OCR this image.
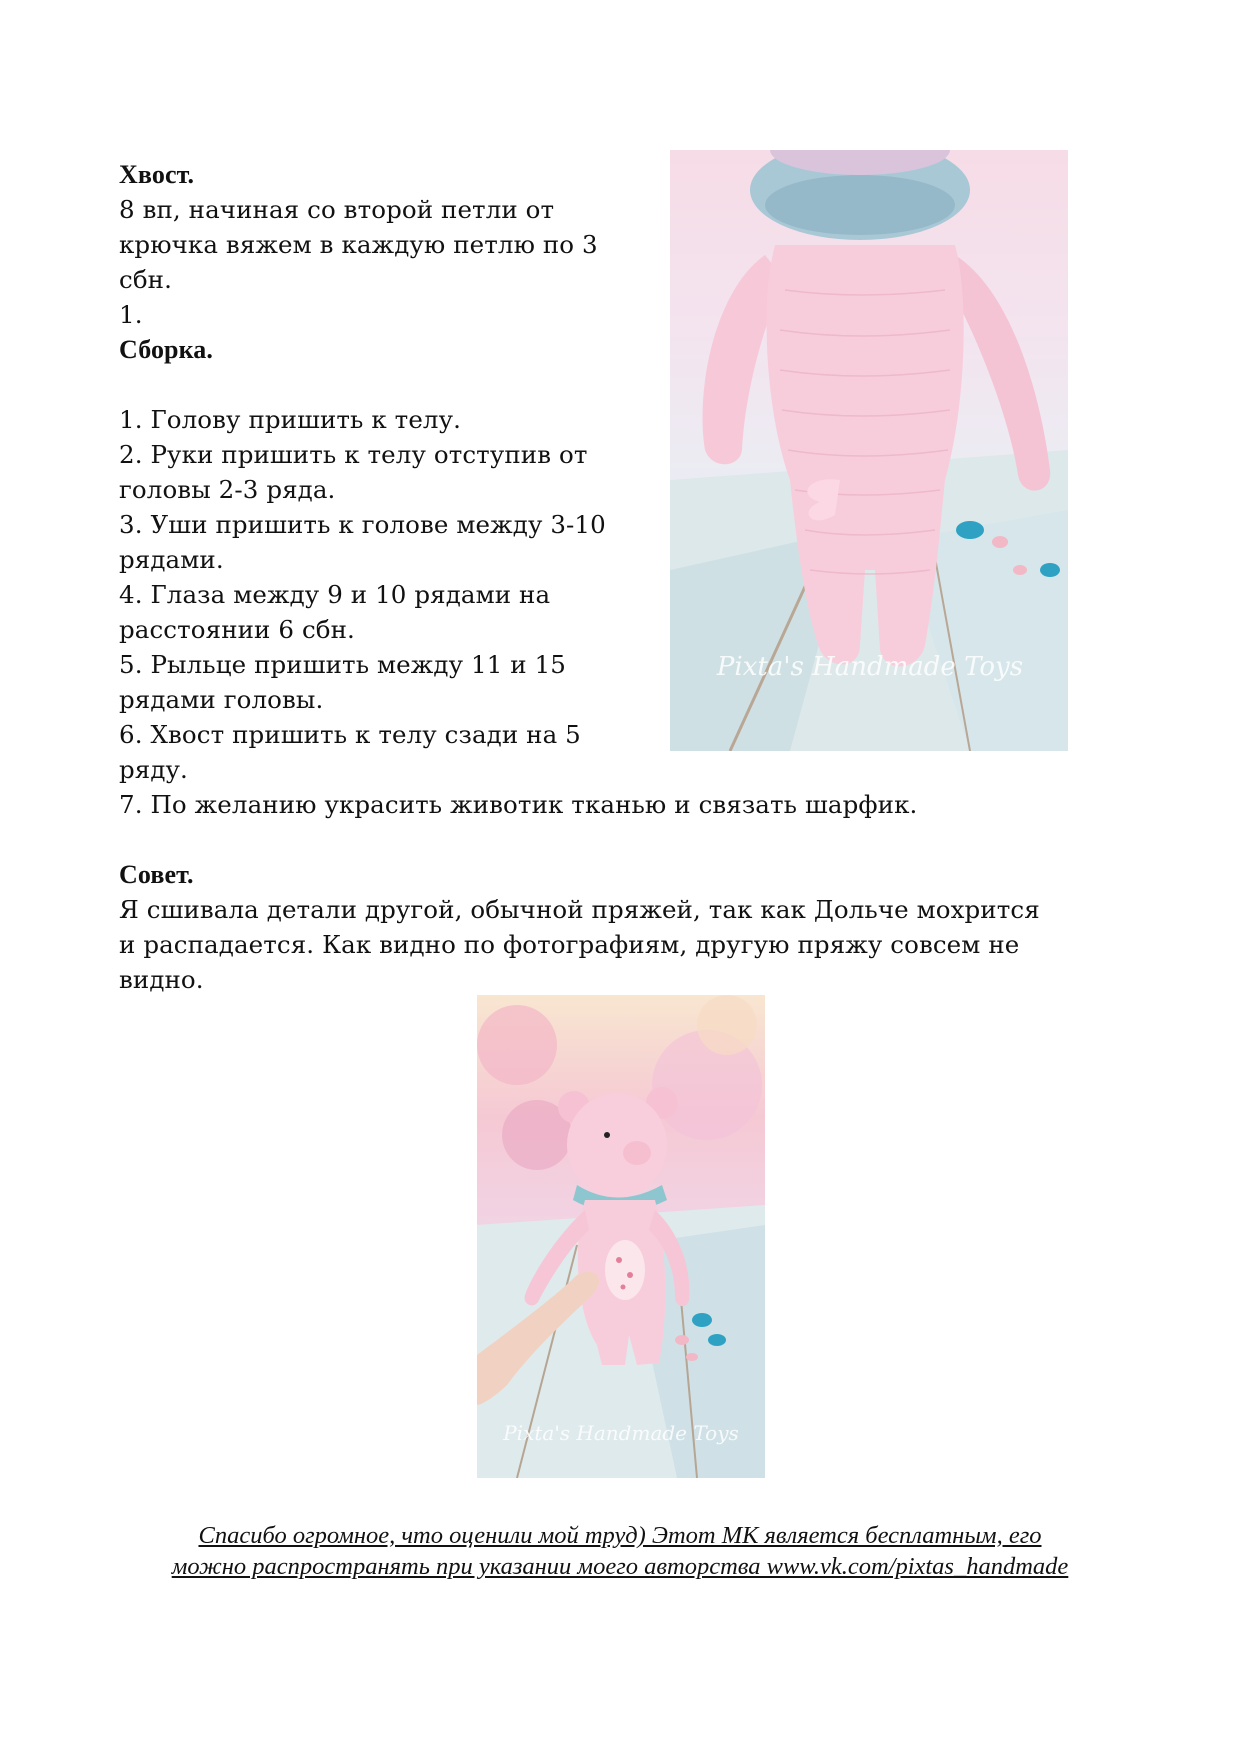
Хвост.
8 вп, начиная со второй петли от
крючка вяжем в каждую петлю по 3
сбн.
1.
Сборка.
1. Голову пришить к телу.
2. Руки пришить к телу отступив от
головы 2-3 ряда.
3. Уши пришить к голове между 3-10
рядами.
4. Глаза между 9 и 10 рядами на
расстоянии 6 сбн.
5. Рыльце пришить между 11 и 15
рядами головы.
6. Хвост пришить к телу сзади на 5
ряду.
7. По желанию украсить животик тканью и связать шарфик.
Совет.
Я сшивала детали другой, обычной пряжей, так как Дольче мохрится
и распадается. Как видно по фотографиям, другую пряжу совсем не
видно.
Pixta's Handmade Toys
Pixta's Handmade Toys
Спасибо огромное, что оценили мой труд) Этот МК является бесплатным, его
можно распространять при указании моего авторства www.vk.com/pixtas_handmade
